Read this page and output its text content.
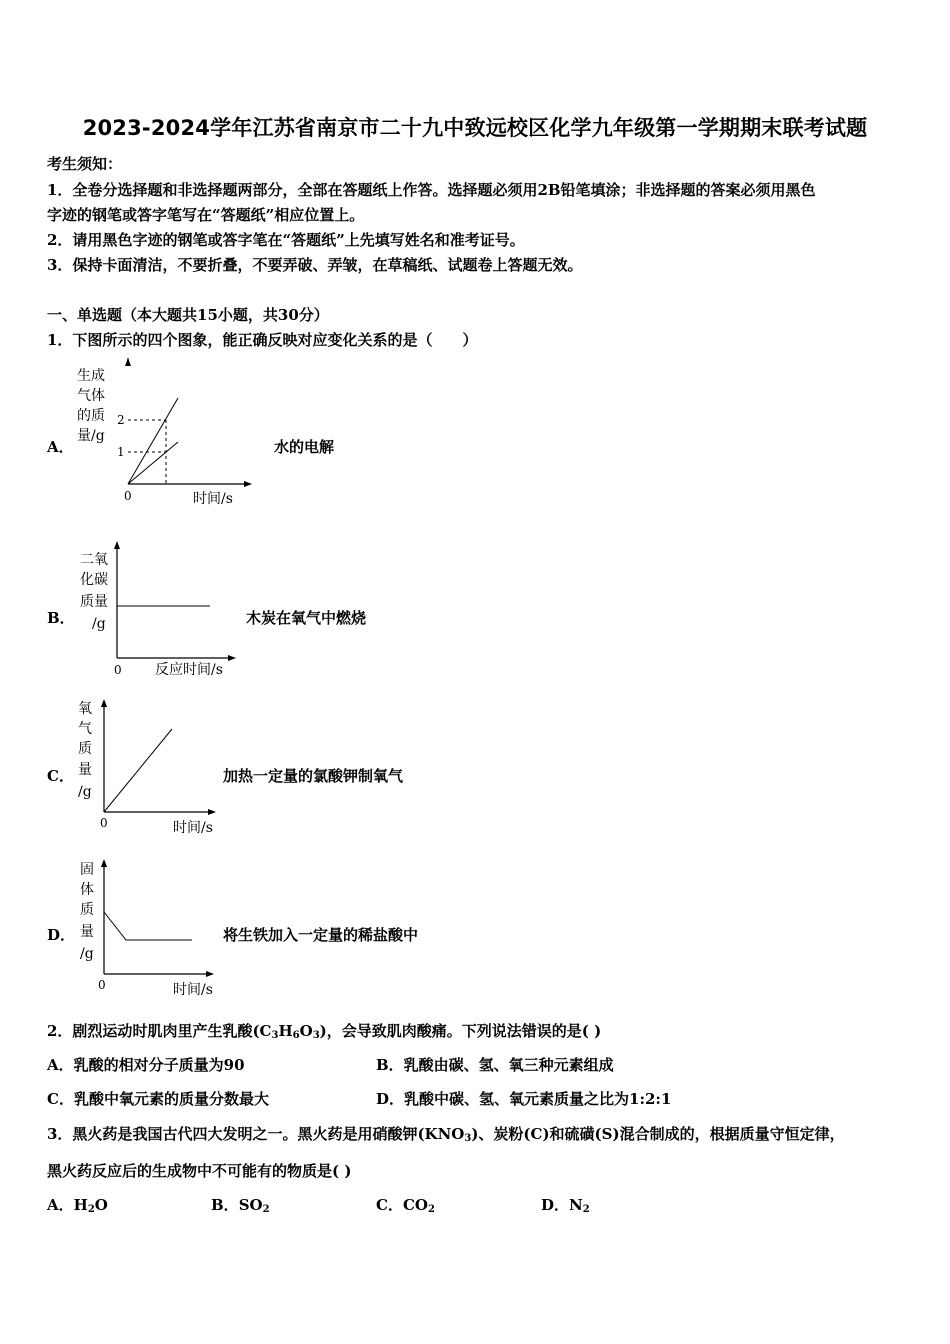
2023-2024学年江苏省南京市二十九中致远校区化学九年级第一学期期末联考试题
考生须知：
1．全卷分选择题和非选择题两部分，全部在答题纸上作答。选择题必须用2B铅笔填涂；非选择题的答案必须用黑色
字迹的钢笔或答字笔写在“答题纸”相应位置上。
2．请用黑色字迹的钢笔或答字笔在“答题纸”上先填写姓名和准考证号。
3．保持卡面清洁，不要折叠，不要弄破、弄皱，在草稿纸、试题卷上答题无效。
一、单选题（本大题共15小题，共30分）
1．下图所示的四个图象，能正确反映对应变化关系的是（　　）
A．	水的电解
生成
气体
的质
量/g
2
1
0	时间/s
B．	木炭在氧气中燃烧
二氧
化碳
质量
/g
0 反应时间/s
C．	加热一定量的氯酸钾制氧气
氧
气
质
量
/g
0	时间/s
D．	将生铁加入一定量的稀盐酸中
固
体
质
量
/g
0	时间/s
2．剧烈运动时肌肉里产生乳酸$(C_3H_6O_3)$，会导致肌肉酸痛。下列说法错误的是( )
A．乳酸的相对分子质量为90	B．乳酸由碳、氢、氧三种元素组成
C．乳酸中氧元素的质量分数最大	D．乳酸中碳、氢、氧元素质量之比为1:2:1
3．黑火药是我国古代四大发明之一。黑火药是用硝酸钾$(KNO_3)$、炭粉(C)和硫磺(S)混合制成的，根据质量守恒定律，
黑火药反应后的生成物中不可能有的物质是( )
A．$H_2O$	B．$SO_2$	C．$CO_2$	D．$N_2$
